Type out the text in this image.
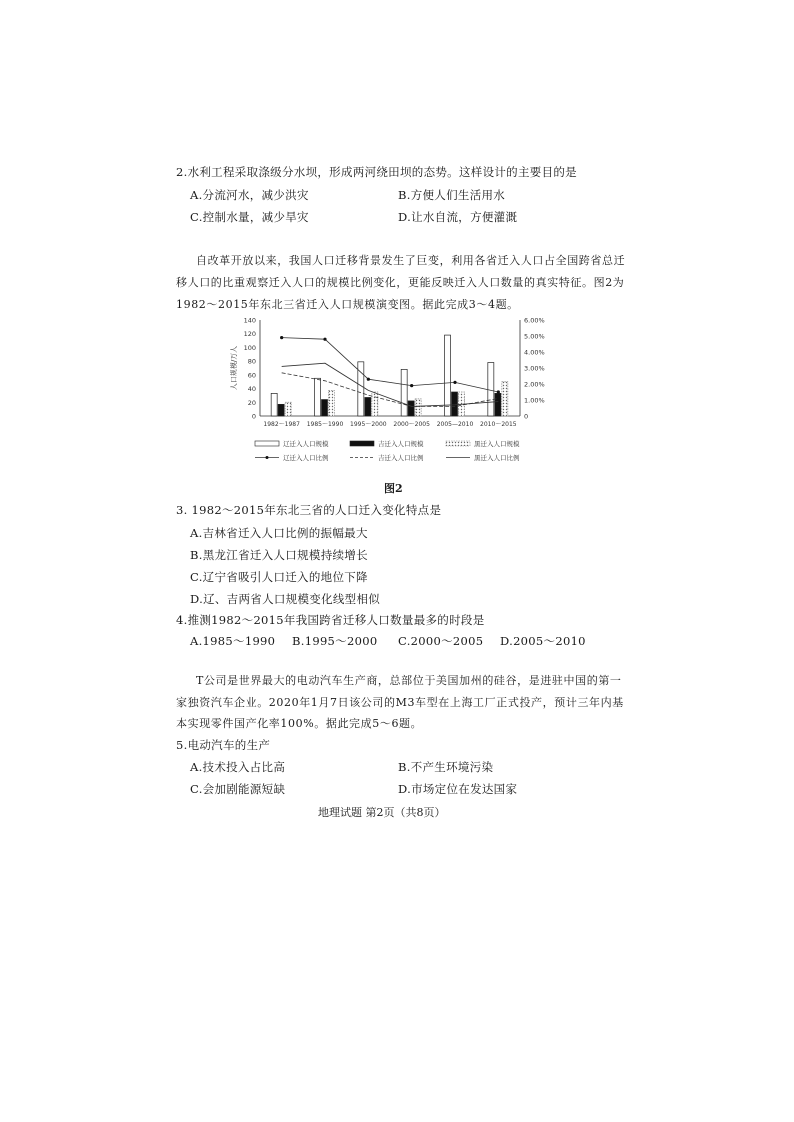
2.水利工程采取涤级分水坝，形成两河绕田坝的态势。这样设计的主要目的是
A.分流河水，减少洪灾	B.方便人们生活用水
C.控制水量，减少旱灾	D.让水自流，方便灌溉
自改革开放以来，我国人口迁移背景发生了巨变，利用各省迁入人口占全国跨省总迁
移人口的比重观察迁入人口的规模比例变化，更能反映迁入人口数量的真实特征。图2为
1982～2015年东北三省迁入人口规模演变图。据此完成3～4题。
0
20
40
60
80
100
120
140
0
1.00%
2.00%
3.00%
4.00%
5.00%
6.00%
人口规模/万人
1982～1987 1985～1990 1995～2000 2000～2005 2005—2010 2010～2015
辽迁入人口规模	吉迁入人口规模	黑迁入人口规模
辽迁入人口比例	吉迁入人口比例	黑迁入人口比例
图2
3. 1982～2015年东北三省的人口迁入变化特点是
A.吉林省迁入人口比例的振幅最大
B.黑龙江省迁入人口规模持续增长
C.辽宁省吸引人口迁入的地位下降
D.辽、吉两省人口规模变化线型相似
4.推测1982～2015年我国跨省迁移人口数量最多的时段是
A.1985～1990 B.1995～2000 C.2000～2005 D.2005～2010
T公司是世界最大的电动汽车生产商，总部位于美国加州的硅谷，是进驻中国的第一
家独资汽车企业。2020年1月7日该公司的M3车型在上海工厂正式投产，预计三年内基
本实现零件国产化率100%。据此完成5～6题。
5.电动汽车的生产
A.技术投入占比高	B.不产生环境污染
C.会加剧能源短缺	D.市场定位在发达国家
地理试题 第2页（共8页）
